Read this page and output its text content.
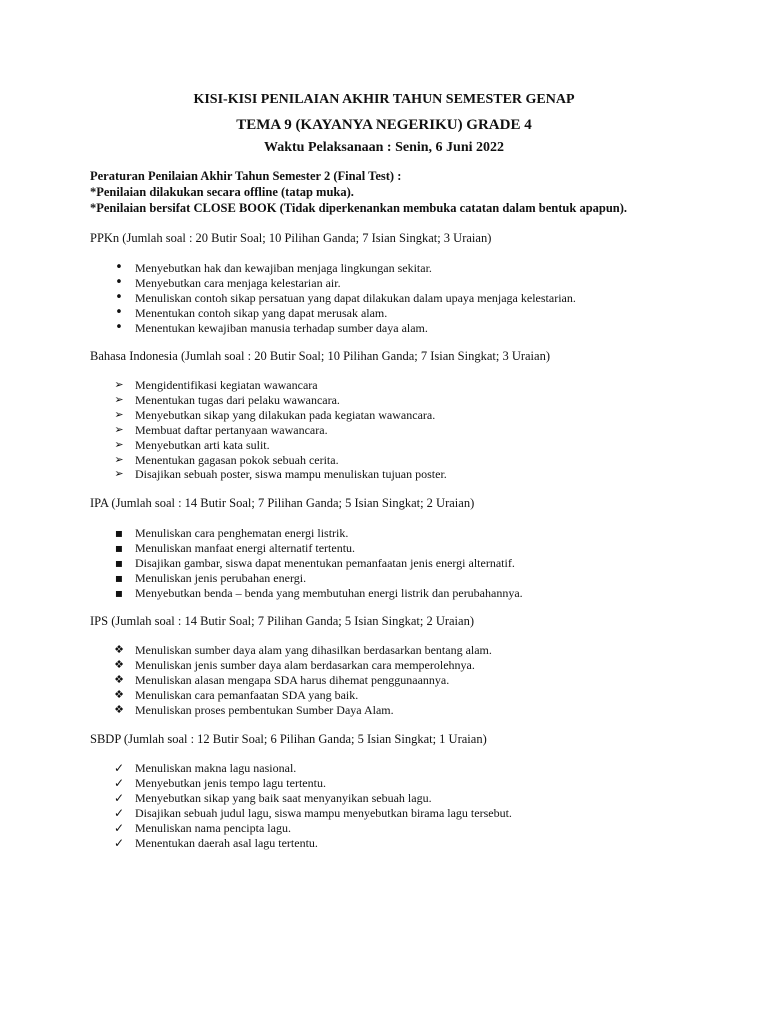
KISI-KISI PENILAIAN AKHIR TAHUN SEMESTER GENAP
TEMA 9 (KAYANYA NEGERIKU) GRADE 4
Waktu Pelaksanaan : Senin, 6 Juni 2022
Peraturan Penilaian Akhir Tahun Semester 2 (Final Test) :
*Penilaian dilakukan secara offline (tatap muka).
*Penilaian bersifat CLOSE BOOK (Tidak diperkenankan membuka catatan dalam bentuk apapun).
PPKn (Jumlah soal : 20 Butir Soal; 10 Pilihan Ganda; 7 Isian Singkat; 3 Uraian)
•
Menyebutkan hak dan kewajiban menjaga lingkungan sekitar.
•
Menyebutkan cara menjaga kelestarian air.
•
Menuliskan contoh sikap persatuan yang dapat dilakukan dalam upaya menjaga kelestarian.
•
Menentukan contoh sikap yang dapat merusak alam.
•
Menentukan kewajiban manusia terhadap sumber daya alam.
Bahasa Indonesia (Jumlah soal : 20 Butir Soal; 10 Pilihan Ganda; 7 Isian Singkat; 3 Uraian)
➢
Mengidentifikasi kegiatan wawancara
➢
Menentukan tugas dari pelaku wawancara.
➢
Menyebutkan sikap yang dilakukan pada kegiatan wawancara.
➢
Membuat daftar pertanyaan wawancara.
➢
Menyebutkan arti kata sulit.
➢
Menentukan gagasan pokok sebuah cerita.
➢
Disajikan sebuah poster, siswa mampu menuliskan tujuan poster.
IPA (Jumlah soal : 14 Butir Soal; 7 Pilihan Ganda; 5 Isian Singkat; 2 Uraian)
▪
Menuliskan cara penghematan energi listrik.
▪
Menuliskan manfaat energi alternatif tertentu.
▪
Disajikan gambar, siswa dapat menentukan pemanfaatan jenis energi alternatif.
▪
Menuliskan jenis perubahan energi.
▪
Menyebutkan benda – benda yang membutuhan energi listrik dan perubahannya.
IPS (Jumlah soal : 14 Butir Soal; 7 Pilihan Ganda; 5 Isian Singkat; 2 Uraian)
❖
Menuliskan sumber daya alam yang dihasilkan berdasarkan bentang alam.
❖
Menuliskan jenis sumber daya alam berdasarkan cara memperolehnya.
❖
Menuliskan alasan mengapa SDA harus dihemat penggunaannya.
❖
Menuliskan cara pemanfaatan SDA yang baik.
❖
Menuliskan proses pembentukan Sumber Daya Alam.
SBDP (Jumlah soal : 12 Butir Soal; 6 Pilihan Ganda; 5 Isian Singkat; 1 Uraian)
✓
Menuliskan makna lagu nasional.
✓
Menyebutkan jenis tempo lagu tertentu.
✓
Menyebutkan sikap yang baik saat menyanyikan sebuah lagu.
✓
Disajikan sebuah judul lagu, siswa mampu menyebutkan birama lagu tersebut.
✓
Menuliskan nama pencipta lagu.
✓
Menentukan daerah asal lagu tertentu.
